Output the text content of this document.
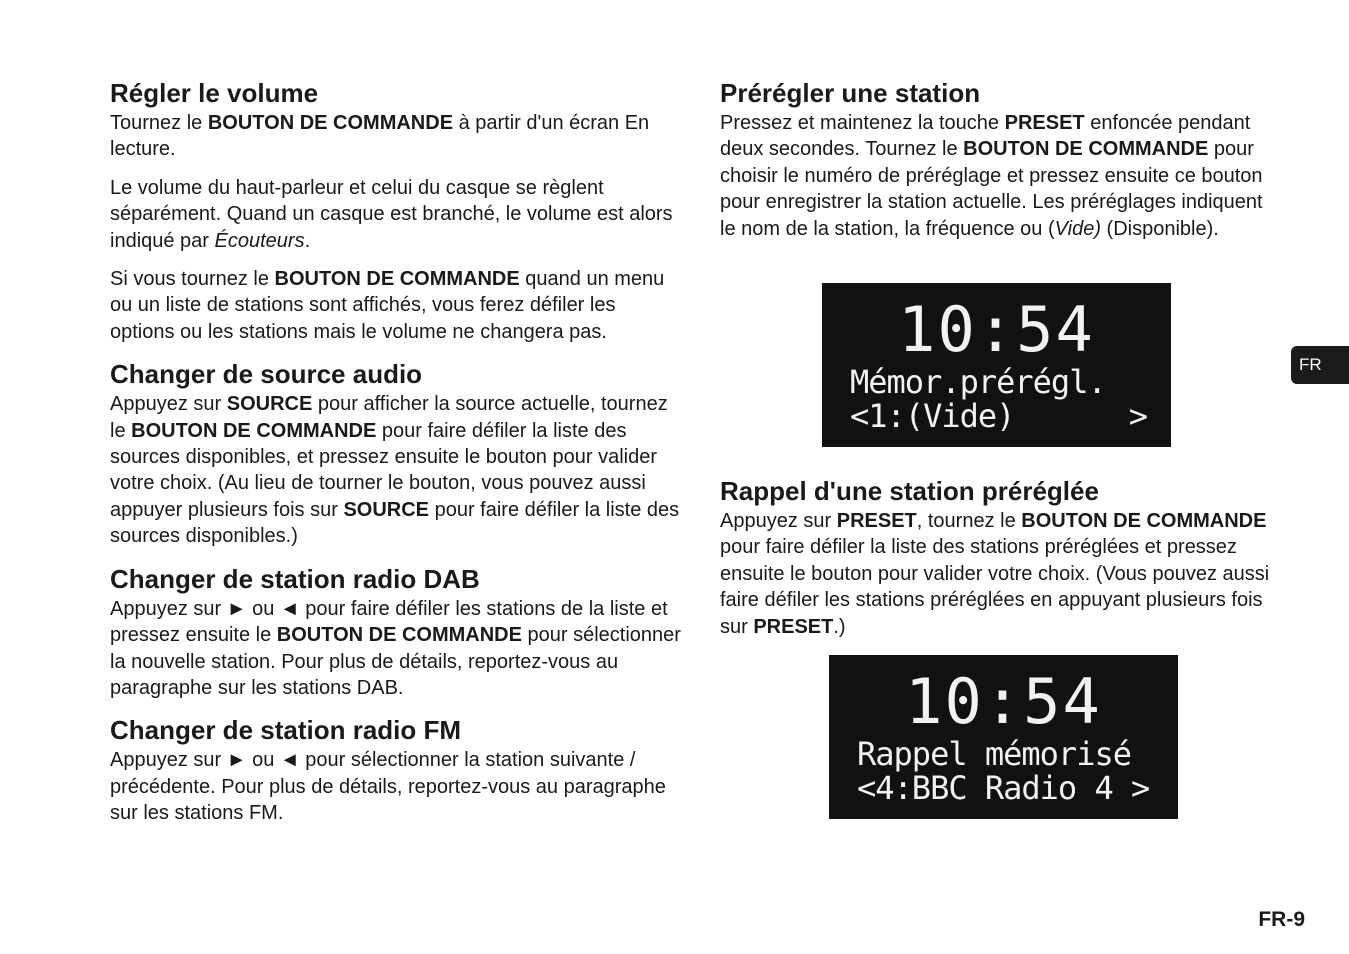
Régler le volume

Tournez le BOUTON DE COMMANDE à partir d'un écran En lecture.

Le volume du haut-parleur et celui du casque se règlent séparément. Quand un casque est branché, le volume est alors indiqué par Écouteurs.

Si vous tournez le BOUTON DE COMMANDE quand un menu ou un liste de stations sont affichés, vous ferez défiler les options ou les stations mais le volume ne changera pas.

Changer de source audio

Appuyez sur SOURCE pour afficher la source actuelle, tournez le BOUTON DE COMMANDE pour faire défiler la liste des sources disponibles, et pressez ensuite le bouton pour valider votre choix. (Au lieu de tourner le bouton, vous pouvez aussi appuyer plusieurs fois sur SOURCE pour faire défiler la liste des sources disponibles.)

Changer de station radio DAB

Appuyez sur ► ou ◄ pour faire défiler les stations de la liste et pressez ensuite le BOUTON DE COMMANDE pour sélectionner la nouvelle station. Pour plus de détails, reportez-vous au paragraphe sur les stations DAB.

Changer de station radio FM

Appuyez sur ► ou ◄ pour sélectionner la station suivante / précédente. Pour plus de détails, reportez-vous au paragraphe sur les stations FM.

Prérégler une station

Pressez et maintenez la touche PRESET enfoncée pendant deux secondes. Tournez le BOUTON DE COMMANDE pour choisir le numéro de préréglage et pressez ensuite ce bouton pour enregistrer la station actuelle. Les préréglages indiquent le nom de la station, la fréquence ou (Vide) (Disponible).

Rappel d'une station préréglée

Appuyez sur PRESET, tournez le BOUTON DE COMMANDE pour faire défiler la liste des stations préréglées et pressez ensuite le bouton pour valider votre choix. (Vous pouvez aussi faire défiler les stations préréglées en appuyant plusieurs fois sur PRESET.)

10:54
Mémor.prérégl.
<1:(Vide)	>
10:54
Rappel mémorisé
<4:BBC Radio 4 >
FR
FR-9
